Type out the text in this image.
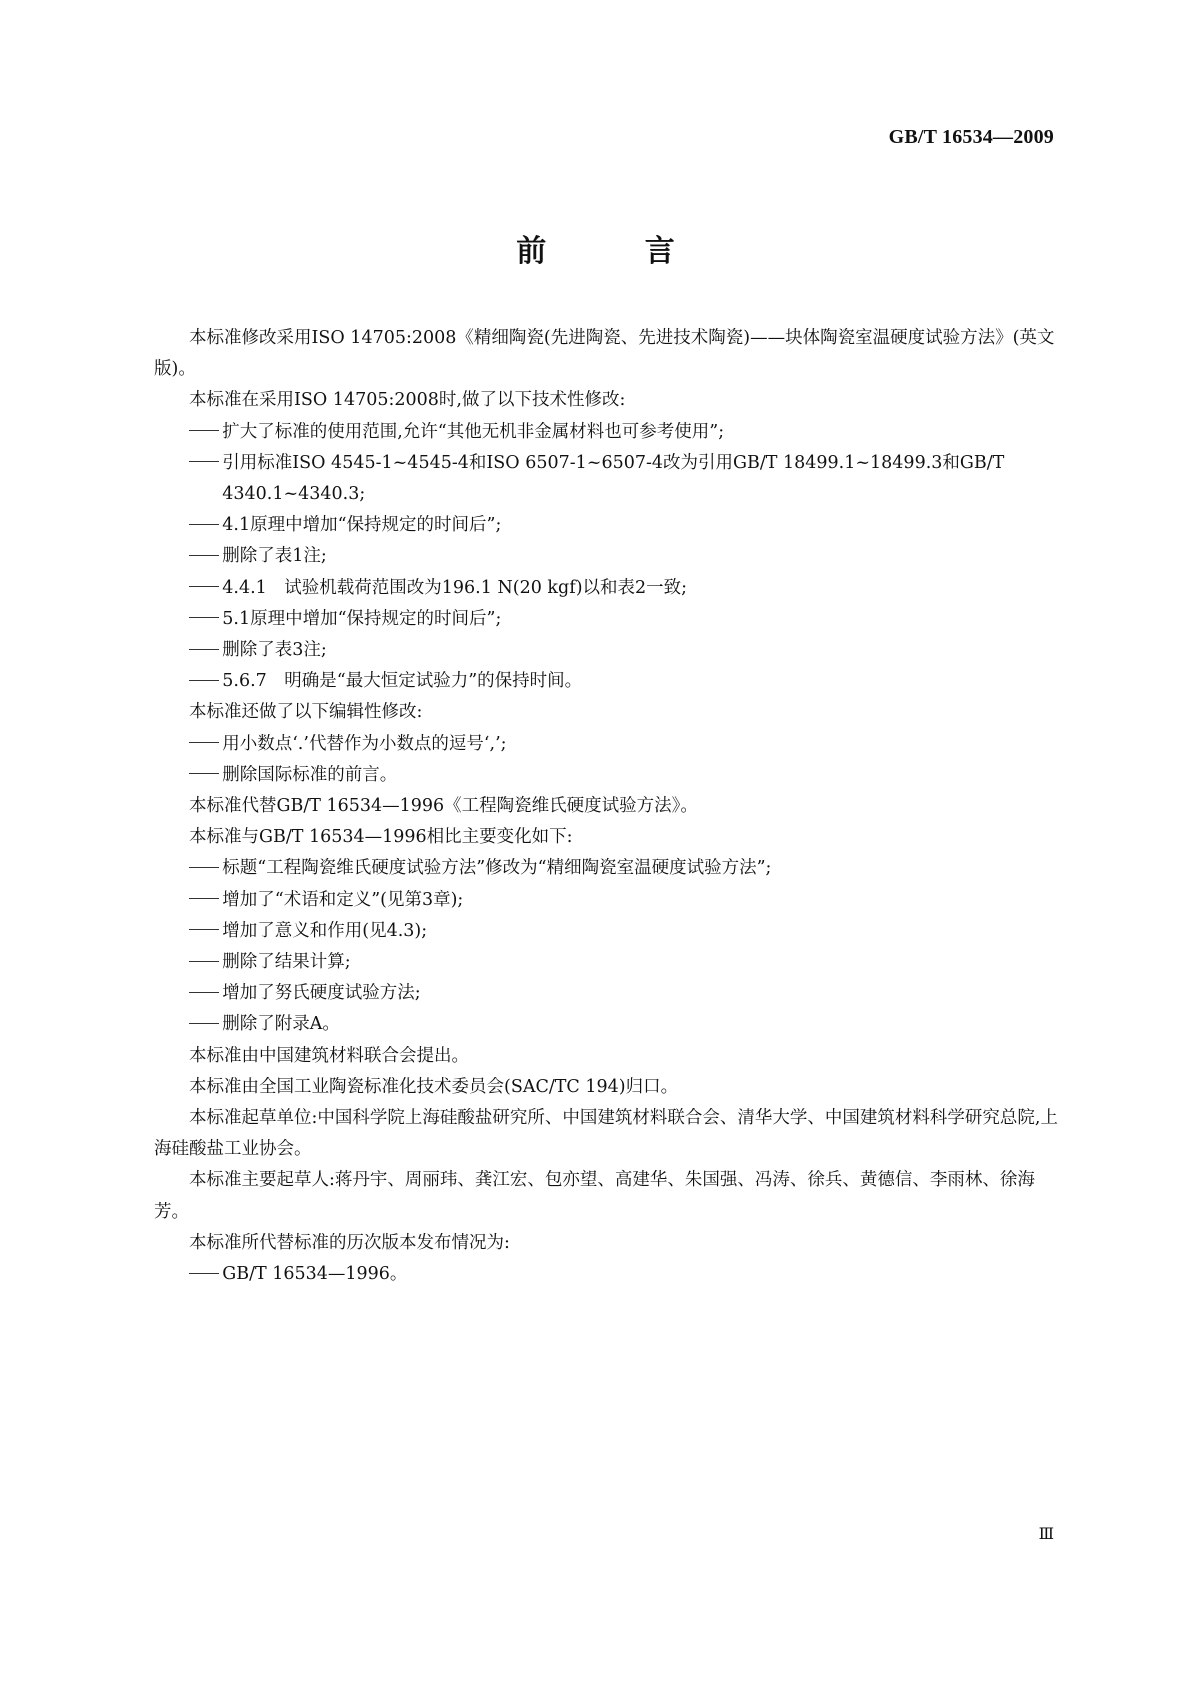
GB/T 16534—2009
前 言

本标准修改采用ISO 14705:2008《精细陶瓷(先进陶瓷、先进技术陶瓷)——块体陶瓷室温硬度试验方法》(英文版)。

本标准在采用ISO 14705:2008时,做了以下技术性修改:

扩大了标准的使用范围,允许“其他无机非金属材料也可参考使用”;

引用标准ISO 4545-1~4545-4和ISO 6507-1~6507-4改为引用GB/T 18499.1~18499.3和GB/T 4340.1~4340.3;

4.1原理中增加“保持规定的时间后”;

删除了表1注;

4.4.1　试验机载荷范围改为196.1 N(20 kgf)以和表2一致;

5.1原理中增加“保持规定的时间后”;

删除了表3注;

5.6.7　明确是“最大恒定试验力”的保持时间。

本标准还做了以下编辑性修改:

用小数点‘.’代替作为小数点的逗号‘,’;

删除国际标准的前言。

本标准代替GB/T 16534—1996《工程陶瓷维氏硬度试验方法》。

本标准与GB/T 16534—1996相比主要变化如下:

标题“工程陶瓷维氏硬度试验方法”修改为“精细陶瓷室温硬度试验方法”;

增加了“术语和定义”(见第3章);

增加了意义和作用(见4.3);

删除了结果计算;

增加了努氏硬度试验方法;

删除了附录A。

本标准由中国建筑材料联合会提出。

本标准由全国工业陶瓷标准化技术委员会(SAC/TC 194)归口。

本标准起草单位:中国科学院上海硅酸盐研究所、中国建筑材料联合会、清华大学、中国建筑材料科学研究总院,上海硅酸盐工业协会。

本标准主要起草人:蒋丹宇、周丽玮、龚江宏、包亦望、高建华、朱国强、冯涛、徐兵、黄德信、李雨林、徐海芳。

本标准所代替标准的历次版本发布情况为:

GB/T 16534—1996。

Ⅲ
